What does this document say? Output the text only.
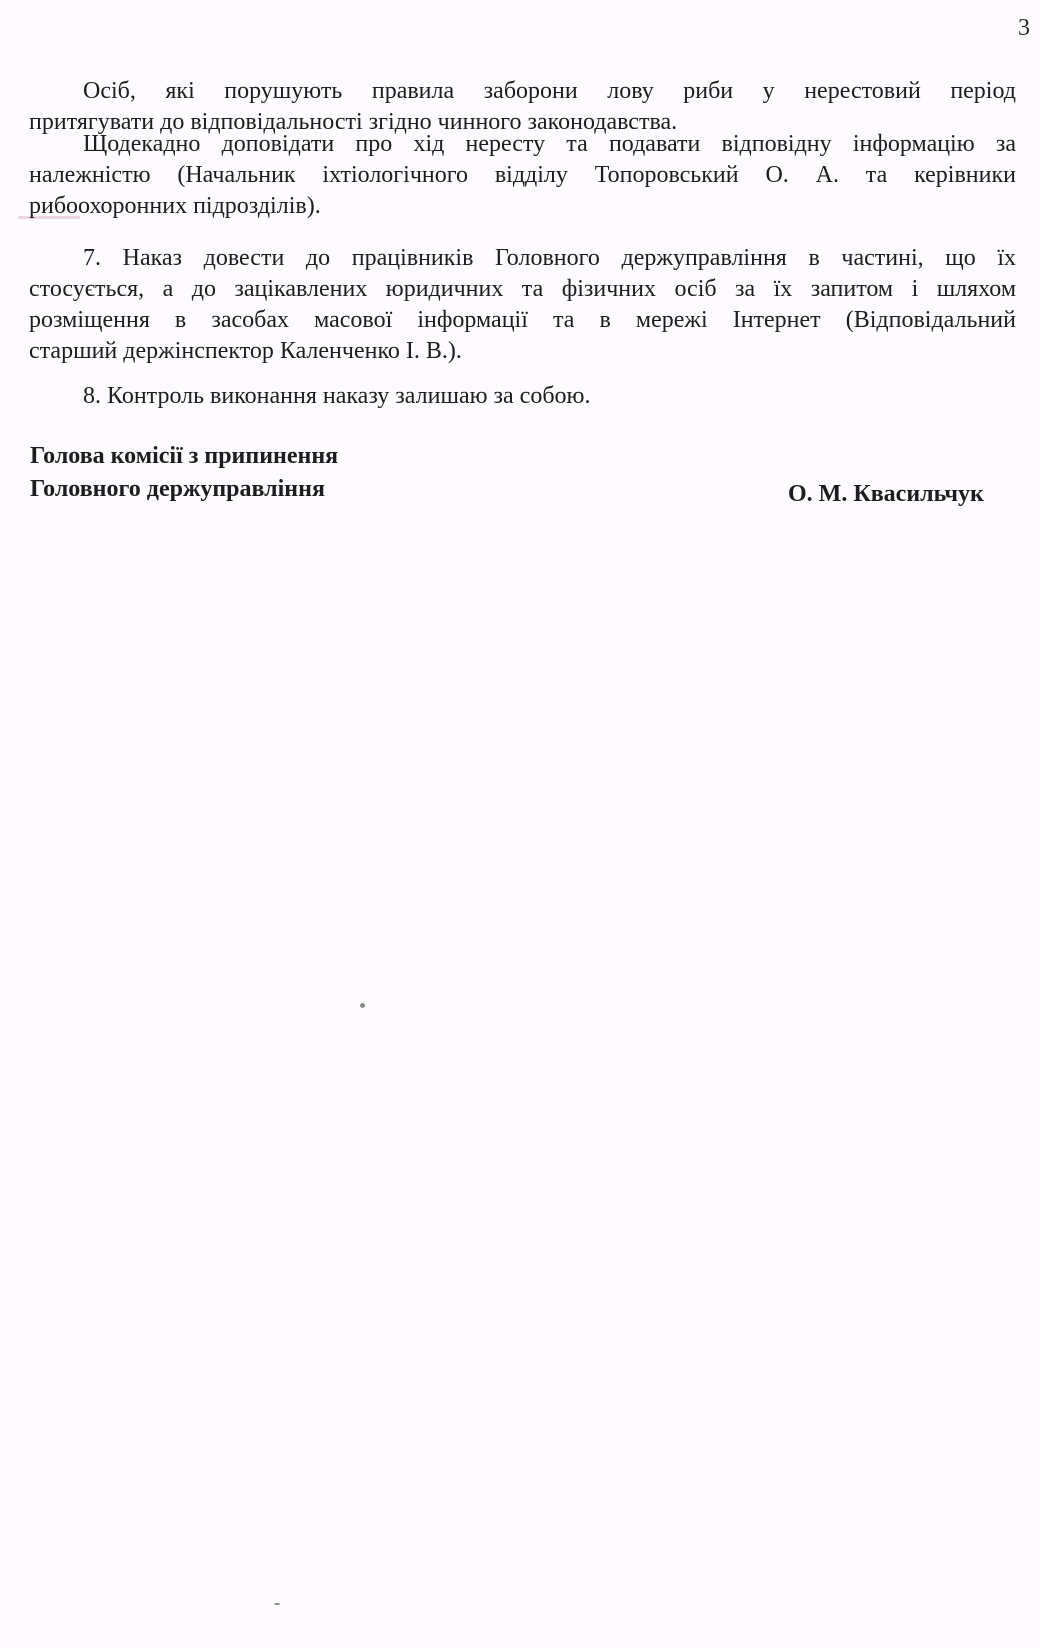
3
Осіб, які порушують правила заборони лову риби у нерестовий період
притягувати до відповідальності згідно чинного законодавства.
Щодекадно доповідати про хід нересту та подавати відповідну інформацію за
належністю (Начальник іхтіологічного відділу Топоровський О. А. та керівники
рибоохоронних підрозділів).
7. Наказ довести до працівників Головного держуправління в частині, що їх
стосується, а до зацікавлених юридичних та фізичних осіб за їх запитом і шляхом
розміщення в засобах масової інформації та в мережі Інтернет (Відповідальний
старший держінспектор Каленченко І. В.).
8. Контроль виконання наказу залишаю за собою.
Голова комісії з припинення
Головного держуправління	О. М. Квасильчук
